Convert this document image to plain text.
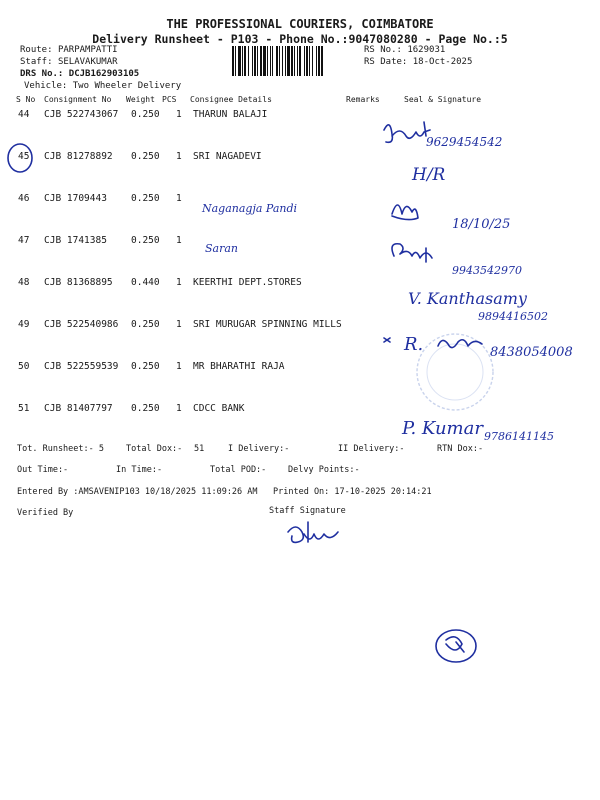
THE PROFESSIONAL COURIERS, COIMBATORE
Delivery Runsheet - P103 - Phone No.:9047080280 - Page No.:5
Route: PARPAMPATTI
Staff: SELAVAKUMAR
DRS No.: DCJB162903105
Vehicle: Two Wheeler Delivery
RS No.: 1629031
RS Date: 18-Oct-2025
S No Consignment No Weight PCS Consignee Details	Remarks	Seal & Signature
44 CJB 522743067 0.250 1 THARUN BALAJI
45 CJB 81278892 0.250 1 SRI NAGADEVI
46 CJB 1709443	0.250 1
47 CJB 1741385	0.250 1
48 CJB 81368895 0.440 1 KEERTHI DEPT.STORES
49 CJB 522540986 0.250 1 SRI MURUGAR SPINNING MILLS
50 CJB 522559539 0.250 1 MR BHARATHI RAJA
51 CJB 81407797 0.250 1 CDCC BANK
Tot. Runsheet:- 5	Total Dox:- 51	I Delivery:-	II Delivery:-	RTN Dox:-
Out Time:-	In Time:-	Total POD:-	Delvy Points:-
Entered By :AMSAVENIP103 10/18/2025 11:09:26 AM Printed On: 17-10-2025 20:14:21
Verified By	Staff Signature
9629454542
H/R
Naganagja Pandi
18/10/25
Saran
9943542970
V. Kanthasamy
9894416502
R.	8438054008
P. Kumar 9786141145
